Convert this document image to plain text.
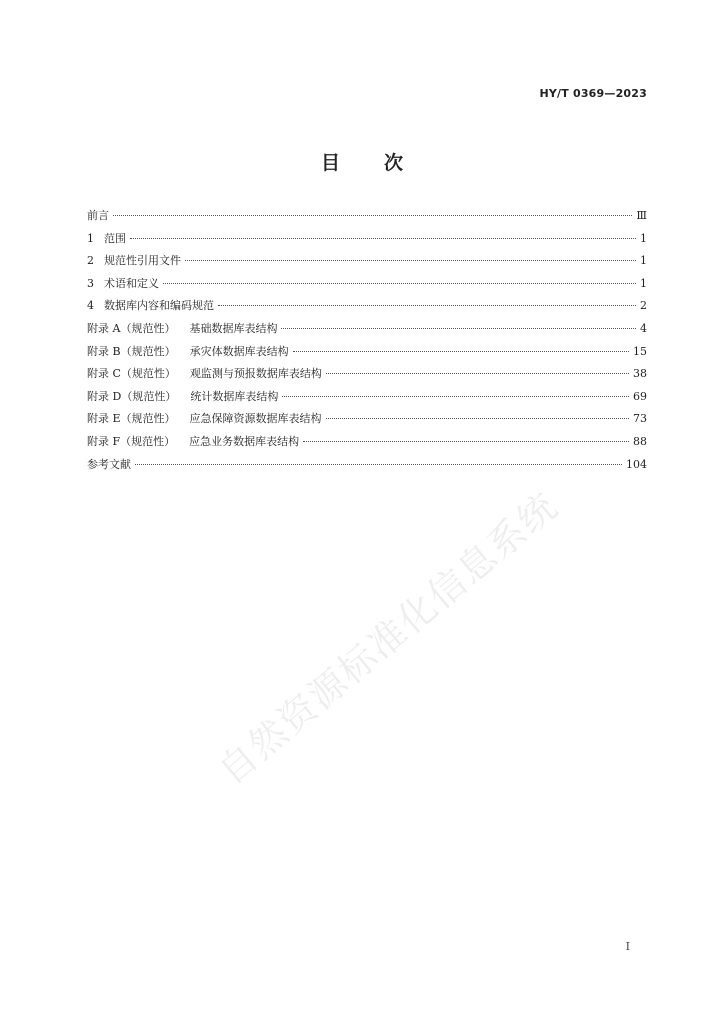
HY/T 0369—2023
目 次
前言	Ⅲ
1 范围	1
2 规范性引用文件	1
3 术语和定义	1
4 数据库内容和编码规范	2
附录 A（规范性） 基础数据库表结构	4
附录 B（规范性） 承灾体数据库表结构	15
附录 C（规范性） 观监测与预报数据库表结构	38
附录 D（规范性） 统计数据库表结构	69
附录 E（规范性） 应急保障资源数据库表结构	73
附录 F（规范性） 应急业务数据库表结构	88
参考文献	104
自然资源标准化信息系统
I
